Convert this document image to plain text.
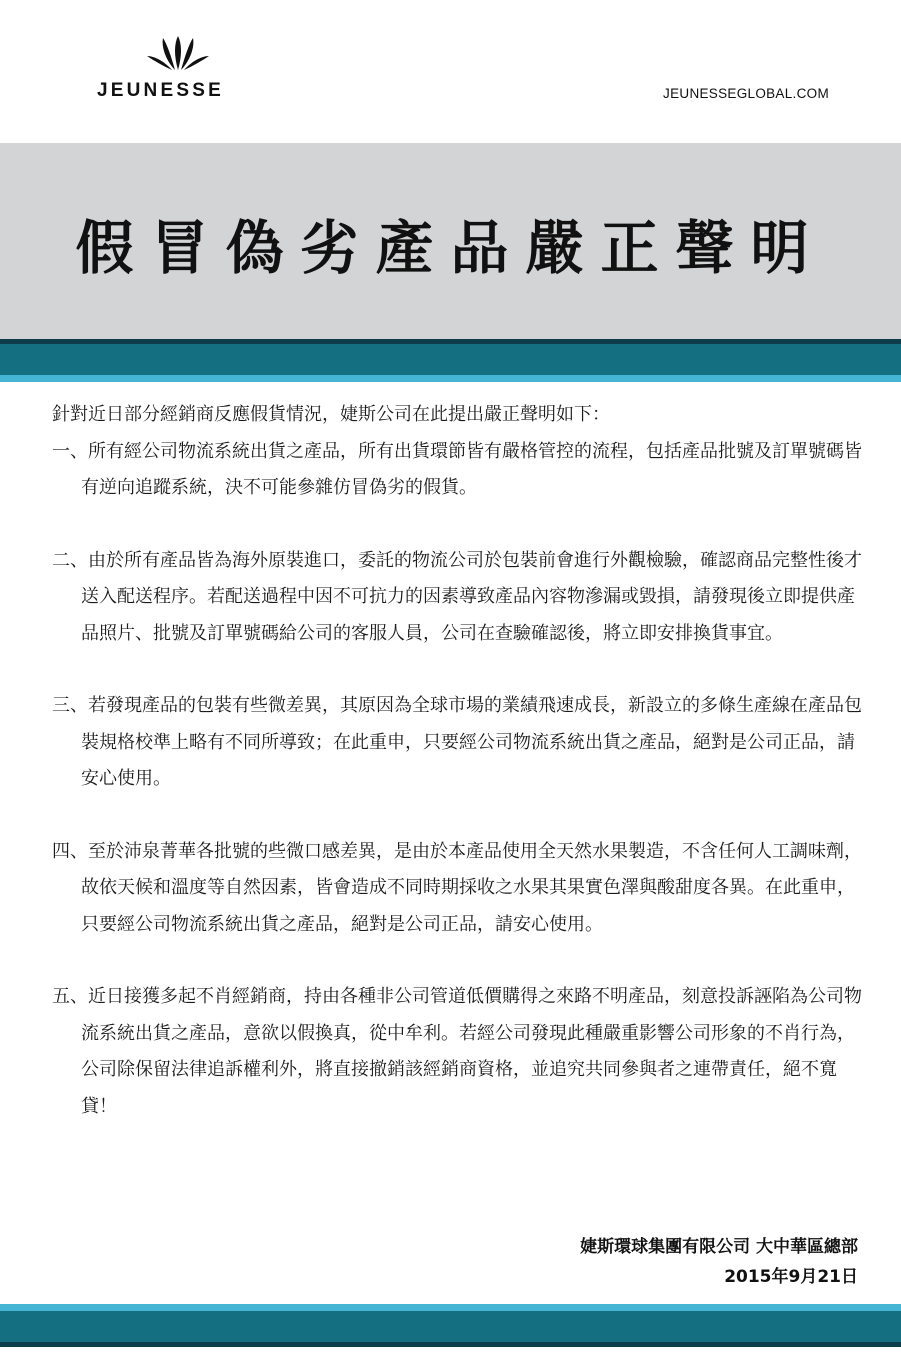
JEUNESSE	JEUNESSEGLOBAL.COM
假冒偽劣產品嚴正聲明

針對近日部分經銷商反應假貨情況，婕斯公司在此提出嚴正聲明如下：

一、所有經公司物流系統出貨之產品，所有出貨環節皆有嚴格管控的流程，包括產品批號及訂單號碼皆有逆向追蹤系統，決不可能參雜仿冒偽劣的假貨。

二、由於所有產品皆為海外原裝進口，委託的物流公司於包裝前會進行外觀檢驗，確認商品完整性後才送入配送程序。若配送過程中因不可抗力的因素導致產品內容物滲漏或毀損，請發現後立即提供產品照片、批號及訂單號碼給公司的客服人員，公司在查驗確認後，將立即安排換貨事宜。

三、若發現產品的包裝有些微差異，其原因為全球市場的業績飛速成長，新設立的多條生產線在產品包裝規格校準上略有不同所導致；在此重申，只要經公司物流系統出貨之產品，絕對是公司正品，請安心使用。

四、至於沛泉菁華各批號的些微口感差異，是由於本產品使用全天然水果製造，不含任何人工調味劑，故依天候和溫度等自然因素，皆會造成不同時期採收之水果其果實色澤與酸甜度各異。在此重申，只要經公司物流系統出貨之產品，絕對是公司正品，請安心使用。

五、近日接獲多起不肖經銷商，持由各種非公司管道低價購得之來路不明產品，刻意投訴誣陷為公司物流系統出貨之產品，意欲以假換真，從中牟利。若經公司發現此種嚴重影響公司形象的不肖行為，公司除保留法律追訴權利外，將直接撤銷該經銷商資格，並追究共同參與者之連帶責任，絕不寬貸！

婕斯環球集團有限公司 大中華區總部
2015年9月21日
